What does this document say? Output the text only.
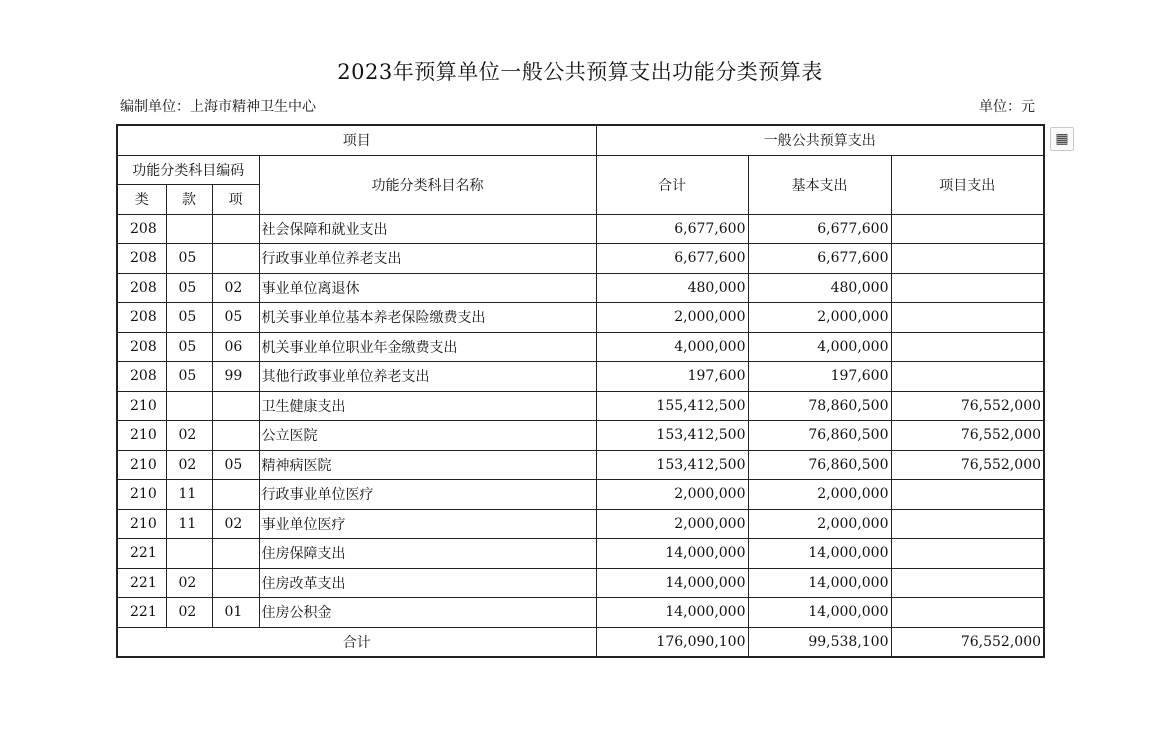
2023年预算单位一般公共预算支出功能分类预算表
编制单位：上海市精神卫生中心	单位：元
▦
项目				一般公共预算支出		
功能分类科目编码			功能分类科目名称	合计	基本支出	项目支出
类	款	项				
208			社会保障和就业支出	6,677,600	6,677,600	
208	05		行政事业单位养老支出	6,677,600	6,677,600	
208	05	02	事业单位离退休	480,000	480,000	
208	05	05	机关事业单位基本养老保险缴费支出	2,000,000	2,000,000	
208	05	06	机关事业单位职业年金缴费支出	4,000,000	4,000,000	
208	05	99	其他行政事业单位养老支出	197,600	197,600	
210			卫生健康支出	155,412,500	78,860,500	76,552,000
210	02		公立医院	153,412,500	76,860,500	76,552,000
210	02	05	精神病医院	153,412,500	76,860,500	76,552,000
210	11		行政事业单位医疗	2,000,000	2,000,000	
210	11	02	事业单位医疗	2,000,000	2,000,000	
221			住房保障支出	14,000,000	14,000,000	
221	02		住房改革支出	14,000,000	14,000,000	
221	02	01	住房公积金	14,000,000	14,000,000	
合计				176,090,100	99,538,100	76,552,000
